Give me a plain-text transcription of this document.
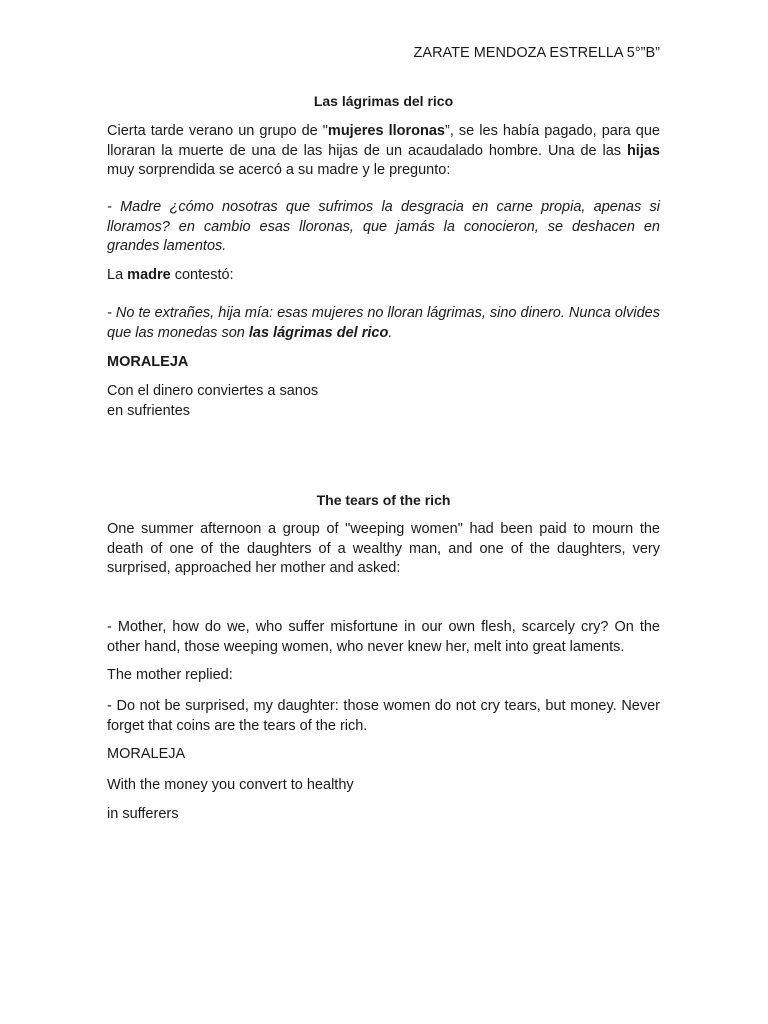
ZARATE MENDOZA ESTRELLA 5°”B”
Las lágrimas del rico
Cierta tarde verano un grupo de "mujeres lloronas”, se les había pagado, para que lloraran la muerte de una de las hijas de un acaudalado hombre. Una de las hijas muy sorprendida se acercó a su madre y le pregunto:
- Madre ¿cómo nosotras que sufrimos la desgracia en carne propia, apenas si lloramos? en cambio esas lloronas, que jamás la conocieron, se deshacen en grandes lamentos.
La madre contestó:
- No te extrañes, hija mía: esas mujeres no lloran lágrimas, sino dinero. Nunca olvides que las monedas son las lágrimas del rico.
MORALEJA
Con el dinero conviertes a sanos
en sufrientes
The tears of the rich
One summer afternoon a group of "weeping women" had been paid to mourn the death of one of the daughters of a wealthy man, and one of the daughters, very surprised, approached her mother and asked:
- Mother, how do we, who suffer misfortune in our own flesh, scarcely cry? On the other hand, those weeping women, who never knew her, melt into great laments.
The mother replied:
- Do not be surprised, my daughter: those women do not cry tears, but money. Never forget that coins are the tears of the rich.
MORALEJA
With the money you convert to healthy
in sufferers
